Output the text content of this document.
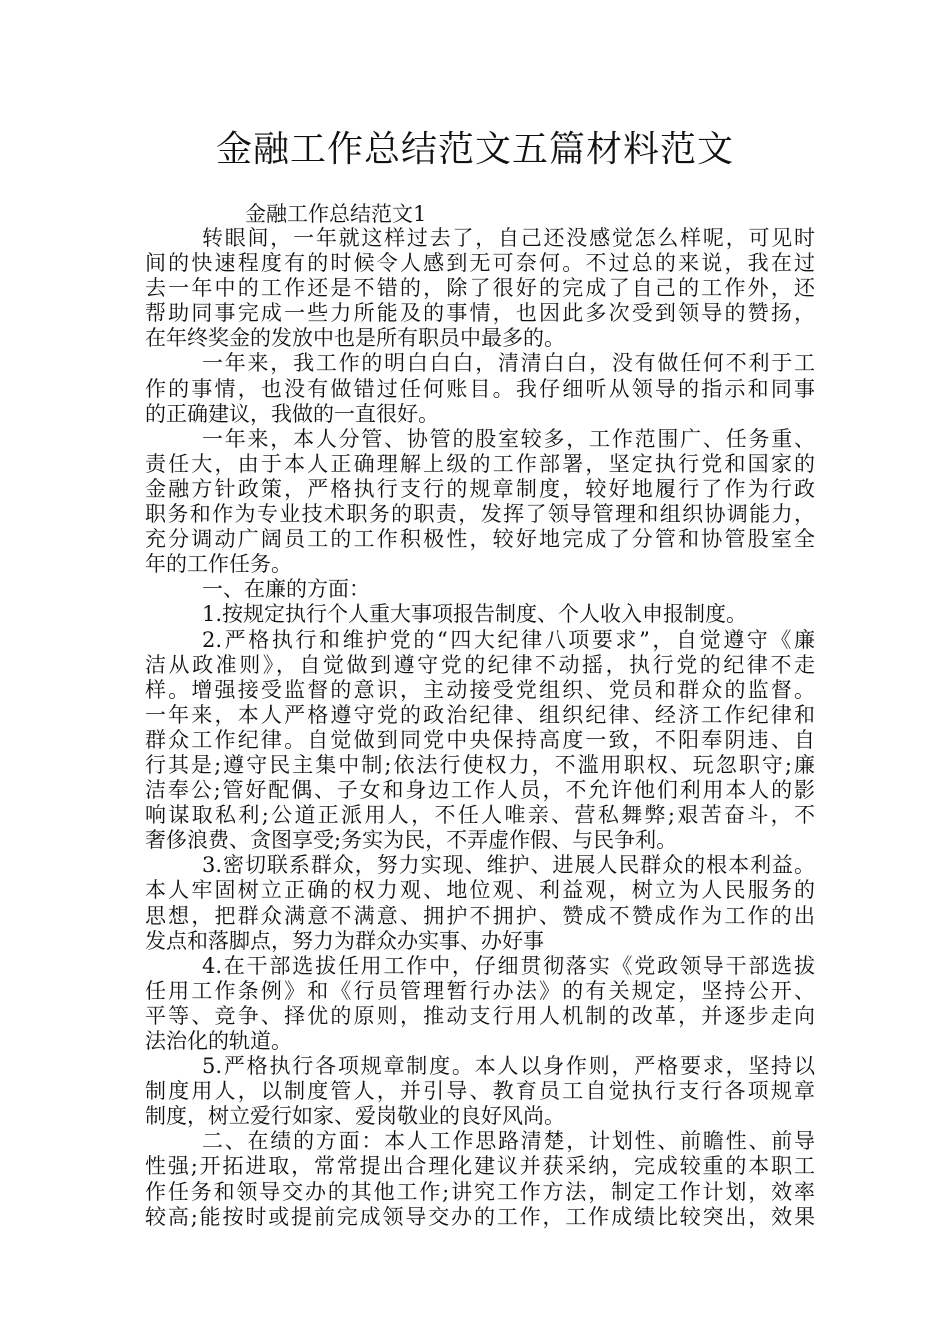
金融工作总结范文五篇材料范文
金融工作总结范文1
转眼间，一年就这样过去了，自己还没感觉怎么样呢，可见时
间的快速程度有的时候令人感到无可奈何。不过总的来说，我在过
去一年中的工作还是不错的，除了很好的完成了自己的工作外，还
帮助同事完成一些力所能及的事情，也因此多次受到领导的赞扬，
在年终奖金的发放中也是所有职员中最多的。
一年来，我工作的明白白白，清清白白，没有做任何不利于工
作的事情，也没有做错过任何账目。我仔细听从领导的指示和同事
的正确建议，我做的一直很好。
一年来，本人分管、协管的股室较多，工作范围广、任务重、
责任大，由于本人正确理解上级的工作部署，坚定执行党和国家的
金融方针政策，严格执行支行的规章制度，较好地履行了作为行政
职务和作为专业技术职务的职责，发挥了领导管理和组织协调能力，
充分调动广阔员工的工作积极性，较好地完成了分管和协管股室全
年的工作任务。
一、在廉的方面：
1.按规定执行个人重大事项报告制度、个人收入申报制度。
2.严格执行和维护党的“四大纪律八项要求”，自觉遵守《廉
洁从政准则》，自觉做到遵守党的纪律不动摇，执行党的纪律不走
样。增强接受监督的意识，主动接受党组织、党员和群众的监督。
一年来，本人严格遵守党的政治纪律、组织纪律、经济工作纪律和
群众工作纪律。自觉做到同党中央保持高度一致，不阳奉阴违、自
行其是;遵守民主集中制;依法行使权力，不滥用职权、玩忽职守;廉
洁奉公;管好配偶、子女和身边工作人员，不允许他们利用本人的影
响谋取私利;公道正派用人，不任人唯亲、营私舞弊;艰苦奋斗，不
奢侈浪费、贪图享受;务实为民，不弄虚作假、与民争利。
3.密切联系群众，努力实现、维护、进展人民群众的根本利益。
本人牢固树立正确的权力观、地位观、利益观，树立为人民服务的
思想，把群众满意不满意、拥护不拥护、赞成不赞成作为工作的出
发点和落脚点，努力为群众办实事、办好事
4.在干部选拔任用工作中，仔细贯彻落实《党政领导干部选拔
任用工作条例》和《行员管理暂行办法》的有关规定，坚持公开、
平等、竞争、择优的原则，推动支行用人机制的改革，并逐步走向
法治化的轨道。
5.严格执行各项规章制度。本人以身作则，严格要求，坚持以
制度用人，以制度管人，并引导、教育员工自觉执行支行各项规章
制度，树立爱行如家、爱岗敬业的良好风尚。
二、在绩的方面：本人工作思路清楚，计划性、前瞻性、前导
性强;开拓进取，常常提出合理化建议并获采纳，完成较重的本职工
作任务和领导交办的其他工作;讲究工作方法，制定工作计划，效率
较高;能按时或提前完成领导交办的工作，工作成绩比较突出，效果
